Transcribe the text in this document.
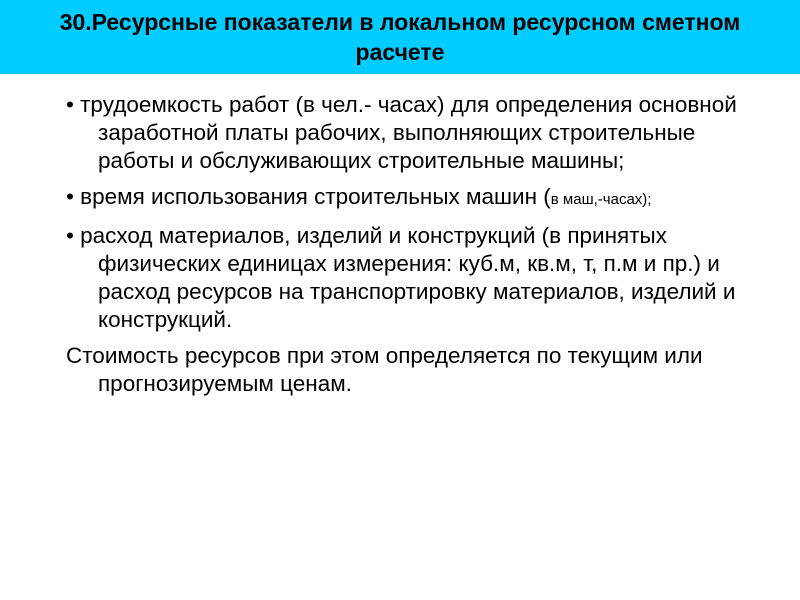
30.Ресурсные показатели в локальном ресурсном сметном расчете

• трудоемкость работ (в чел.- часах) для определения основной заработной платы рабочих, выполняющих строительные работы и обслуживающих строительные машины;

• время использования строительных машин (в маш,-часах);

• расход материалов, изделий и конструкций (в принятых физических единицах измерения: куб.м, кв.м, т, п.м и пр.) и расход ресурсов на транспортировку материалов, изделий и конструкций.

Стоимость ресурсов при этом определяется по текущим или прогнозируемым ценам.
